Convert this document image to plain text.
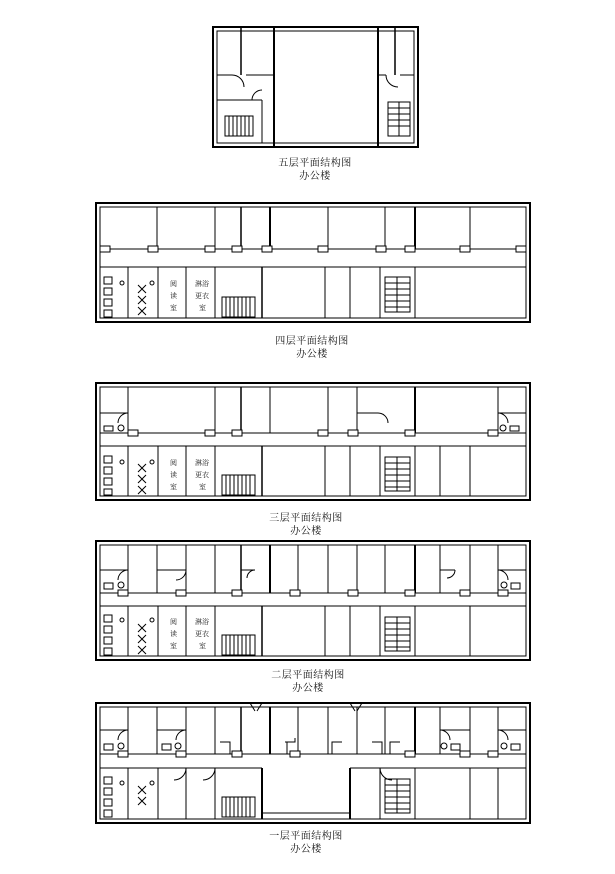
阅
读
室
淋浴
更衣
室
阅
读
室
淋浴
更衣
室
阅
读
室
淋浴
更衣
室
五层平面结构图
办公楼
四层平面结构图
办公楼
三层平面结构图
办公楼
二层平面结构图
办公楼
一层平面结构图
办公楼
